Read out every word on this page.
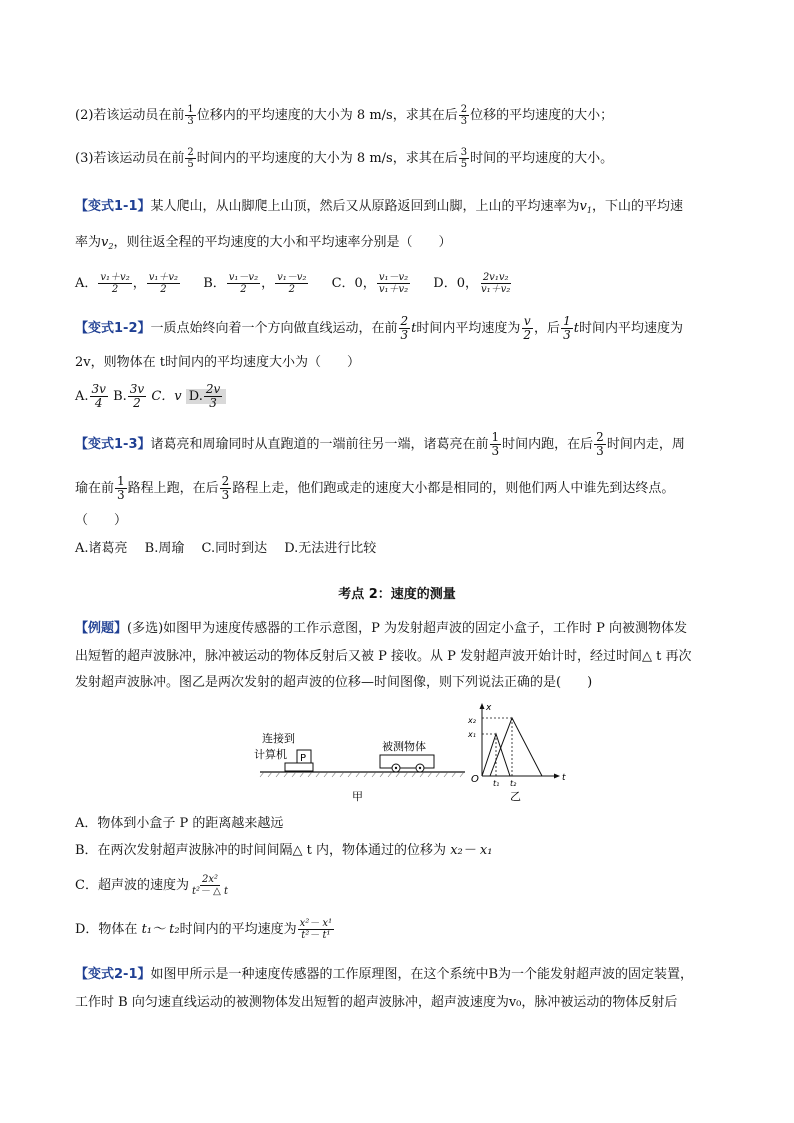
(2)若该运动员在前 $\frac{1}{3}$ 位移内的平均速度的大小为 8 m/s，求其在后 $\frac{2}{3}$ 位移的平均速度的大小；
(3)若该运动员在前 $\frac{2}{5}$ 时间内的平均速度的大小为 8 m/s，求其在后 $\frac{3}{5}$ 时间的平均速度的大小。
【变式1-1】某人爬山，从山脚爬上山顶，然后又从原路返回到山脚，上山的平均速率为$v_1$，下山的平均速
率为$v_2$，则往返全程的平均速度的大小和平均速率分别是（　　）
A． $\frac{\text{v₁＋v₂}}{2}$ ， $\frac{\text{v₁＋v₂}}{2}$ B． $\frac{\text{v₁－v₂}}{2}$ ， $\frac{\text{v₁－v₂}}{2}$ C．0， $\frac{\text{v₁－v₂}}{\text{v₁＋v₂}}$ D．0， $\frac{\text{2v₁v₂}}{\text{v₁＋v₂}}$
【变式1-2】一质点始终向着一个方向做直线运动，在前 $\frac{2}{3}$ t时间内平均速度为 $\frac{v}{2}$ ，后 $\frac{1}{3}$ t时间内平均速度为
2v，则物体在 t时间内的平均速度大小为（　　）
A. $\frac{3v}{4} B$. $\frac{3v}{2}$ C．v D. $\frac{2v}{3}$
【变式1-3】诸葛亮和周瑜同时从直跑道的一端前往另一端，诸葛亮在前 $\frac{1}{3}$ 时间内跑，在后 $\frac{2}{3}$ 时间内走，周
瑜在前 $\frac{1}{3}$ 路程上跑，在后 $\frac{2}{3}$ 路程上走，他们跑或走的速度大小都是相同的，则他们两人中谁先到达终点。
（　　）
A.诸葛亮　 B.周瑜　 C.同时到达　 D.无法进行比较
考点 2：速度的测量
【例题】(多选)如图甲为速度传感器的工作示意图，P 为发射超声波的固定小盒子，工作时 P 向被测物体发
出短暂的超声波脉冲，脉冲被运动的物体反射后又被 P 接收。从 P 发射超声波开始计时，经过时间△ t 再次
发射超声波脉冲。图乙是两次发射的超声波的位移—时间图像，则下列说法正确的是(　　)
连接到
计算机 P
被测物体
甲
x
t
O
x₂
x₁
t₁ t₂
乙
A．物体到小盒子 P 的距离越来越远
B．在两次发射超声波脉冲的时间间隔△ t 内，物体通过的位移为 x₂－ x₁
C．超声波的速度为 $\frac{\text{2x²}}{\text{t²－ △ t}}$
D．物体在 t₁～ t₂时间内的平均速度为 $\frac{\text{x²－ x¹}}{\text{t²－ t¹}}$
【变式2-1】如图甲所示是一种速度传感器的工作原理图，在这个系统中B为一个能发射超声波的固定装置，
工作时 B 向匀速直线运动的被测物体发出短暂的超声波脉冲，超声波速度为v₀，脉冲被运动的物体反射后
